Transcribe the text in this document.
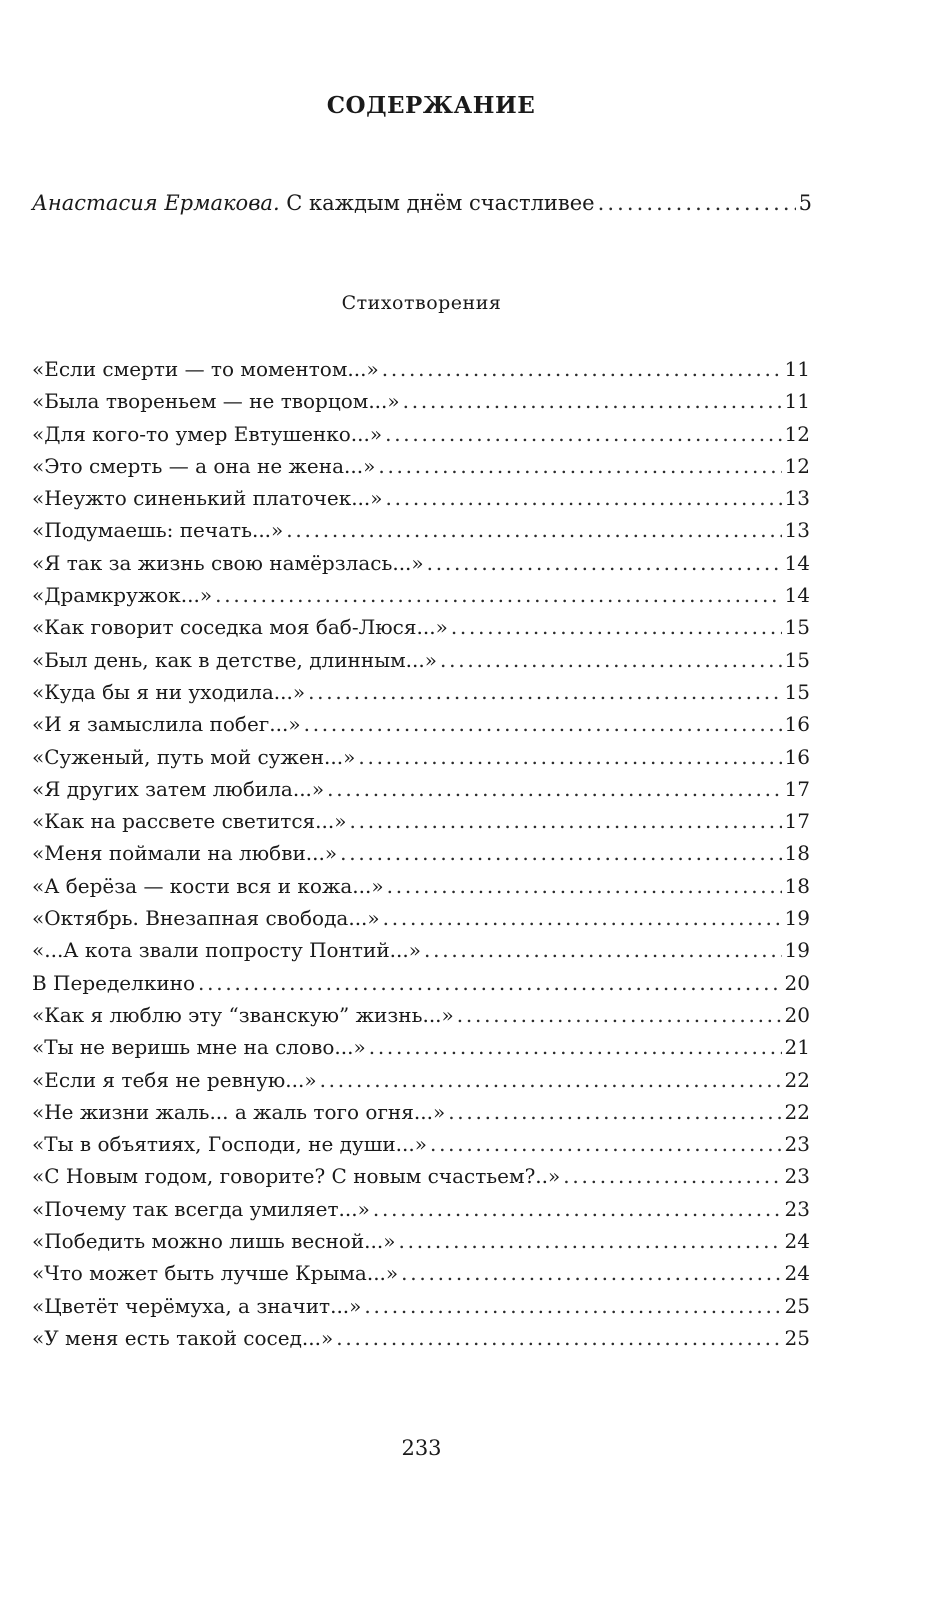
СОДЕРЖАНИЕ
Анастасия Ермакова. С каждым днём счастливее . . .	5
Стихотворения
«Если смерти — то моментом...» . . .	11
«Была твореньем — не творцом...» . . .	11
«Для кого-то умер Евтушенко...» . . .	12
«Это смерть — а она не жена...» . . .	12
«Неужто синенький платочек...» . . .	13
«Подумаешь: печать...» . . .	13
«Я так за жизнь свою намёрзлась...» . . .	14
«Драмкружок...» . . .	14
«Как говорит соседка моя баб-Люся...» . . .	15
«Был день, как в детстве, длинным...» . . .	15
«Куда бы я ни уходила...» . . .	15
«И я замыслила побег...» . . .	16
«Суженый, путь мой сужен...» . . .	16
«Я других затем любила...» . . .	17
«Как на рассвете светится...» . . .	17
«Меня поймали на любви...» . . .	18
«А берёза — кости вся и кожа...» . . .	18
«Октябрь. Внезапная свобода...» . . .	19
«...А кота звали попросту Понтий...» . . .	19
В Переделкино . . .	20
«Как я люблю эту “званскую” жизнь...» . . .	20
«Ты не веришь мне на слово...» . . .	21
«Если я тебя не ревную...» . . .	22
«Не жизни жаль... а жаль того огня...» . . .	22
«Ты в объятиях, Господи, не души...» . . .	23
«С Новым годом, говорите? С новым счастьем?..» . . .	23
«Почему так всегда умиляет...» . . .	23
«Победить можно лишь весной...» . . .	24
«Что может быть лучше Крыма...» . . .	24
«Цветёт черёмуха, а значит...» . . .	25
«У меня есть такой сосед...» . . .	25
233
